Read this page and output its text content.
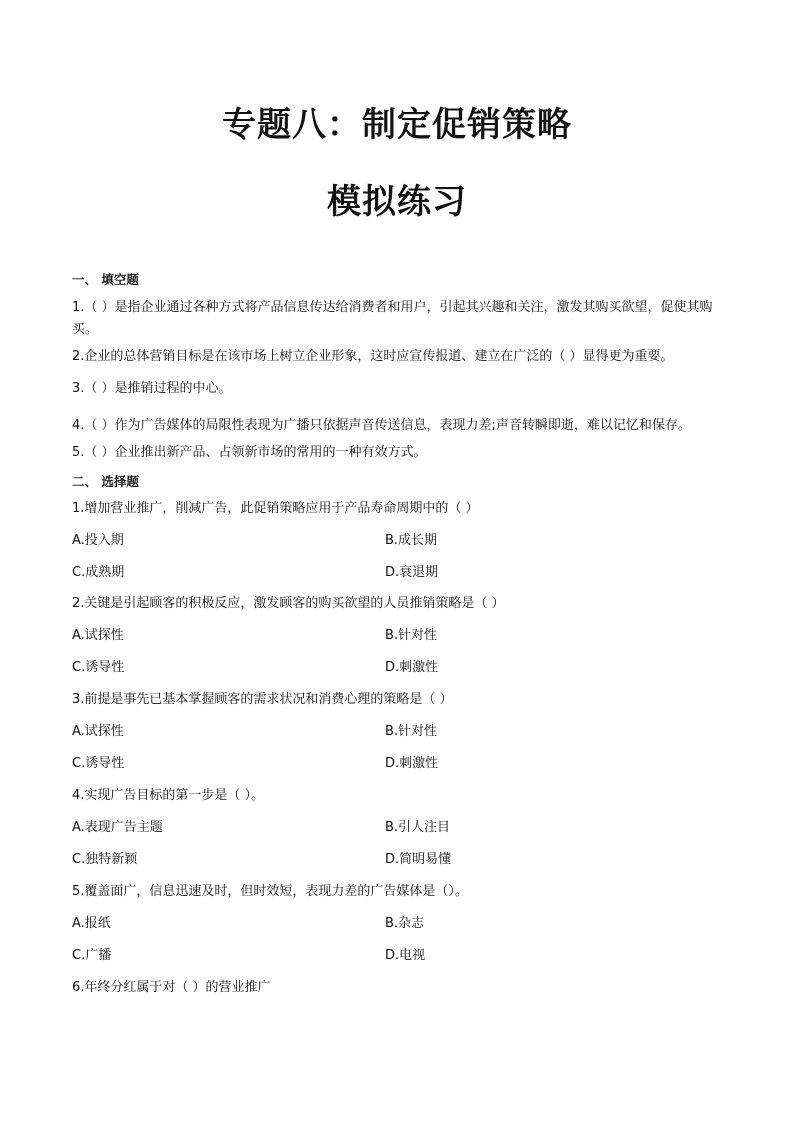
专题八：制定促销策略
模拟练习

一、 填空题

1.（ ）是指企业通过各种方式将产品信息传达给消费者和用户，引起其兴趣和关注，激发其购买欲望，促使其购买。

2.企业的总体营销目标是在该市场上树立企业形象，这时应宣传报道、建立在广泛的（ ）显得更为重要。

3.（ ）是推销过程的中心。

4.（ ）作为广告媒体的局限性表现为广播只依据声音传送信息，表现力差;声音转瞬即逝，难以记忆和保存。

5.（ ）企业推出新产品、占领新市场的常用的一种有效方式。

二、 选择题

1.增加营业推广，削减广告，此促销策略应用于产品寿命周期中的（ ）

A.投入期	B.成长期
C.成熟期	D.衰退期

2.关键是引起顾客的积极反应，激发顾客的购买欲望的人员推销策略是（ ）

A.试探性	B.针对性
C.诱导性	D.刺激性

3.前提是事先已基本掌握顾客的需求状况和消费心理的策略是（ ）

A.试探性	B.针对性
C.诱导性	D.刺激性

4.实现广告目标的第一步是（ ）。

A.表现广告主题	B.引人注目
C.独特新颖	D.简明易懂

5.覆盖面广，信息迅速及时，但时效短，表现力差的广告媒体是（）。

A.报纸	B.杂志
C.广播	D.电视

6.年终分红属于对（ ）的营业推广
